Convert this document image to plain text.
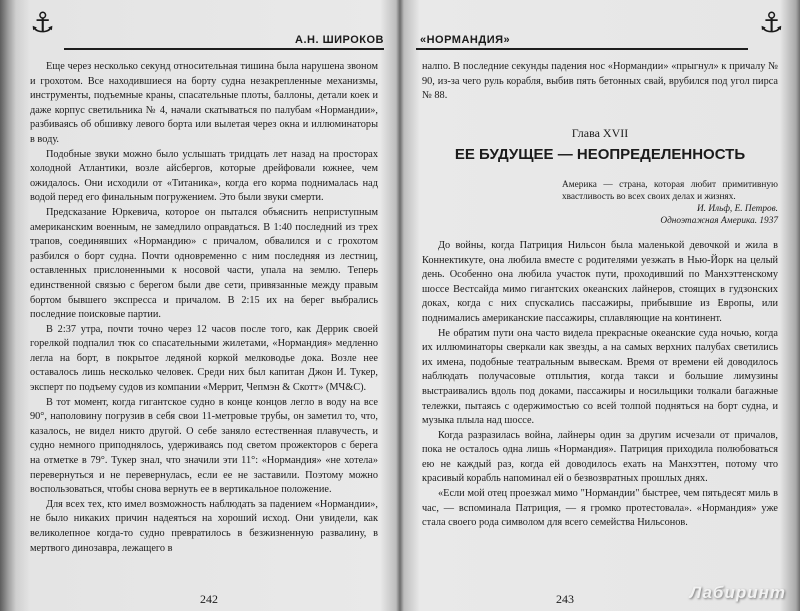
⚓
А.Н. ШИРОКОВ

Еще через несколько секунд относительная тишина была нарушена звоном и грохотом. Все находившиеся на борту судна незакрепленные механизмы, инструменты, подъемные краны, спасательные плоты, баллоны, детали коек и даже корпус светильника № 4, начали скатываться по палубам «Нормандии», разбиваясь об обшивку левого борта или вылетая через окна и иллюминаторы в воду.

Подобные звуки можно было услышать тридцать лет назад на просторах холодной Атлантики, возле айсбергов, которые дрейфовали южнее, чем ожидалось. Они исходили от «Титаника», когда его корма поднималась над водой перед его финальным погружением. Это были звуки смерти.

Предсказание Юркевича, которое он пытался объяснить неприступным американским военным, не замедлило оправдаться. В 1:40 последний из трех трапов, соединявших «Нормандию» с причалом, обвалился и с грохотом разбился о борт судна. Почти одновременно с ним последняя из лестниц, оставленных прислоненными к носовой части, упала на землю. Теперь единственной связью с берегом были две сети, привязанные между правым бортом бывшего экспресса и причалом. В 2:15 их на берег выбрались последние поисковые партии.

В 2:37 утра, почти точно через 12 часов после того, как Деррик своей горелкой подпалил тюк со спасательными жилетами, «Нормандия» медленно легла на борт, в покрытое ледяной коркой мелководье дока. Возле нее оставалось лишь несколько человек. Среди них был капитан Джон И. Тукер, эксперт по подъему судов из компании «Меррит, Чепмэн & Скотт» (МЧ&С).

В тот момент, когда гигантское судно в конце концов легло в воду на все 90°, наполовину погрузив в себя свои 11-метровые трубы, он заметил то, что, казалось, не видел никто другой. О себе заняло естественная плавучесть, и судно немного приподнялось, удерживаясь под светом прожекторов с берега на отметке в 79°. Тукер знал, что значили эти 11°: «Нормандия» «не хотела» перевернуться и не перевернулась, если ее не заставили. Поэтому можно воспользоваться, чтобы снова вернуть ее в вертикальное положение.

Для всех тех, кто имел возможность наблюдать за падением «Нормандии», не было никаких причин надеяться на хороший исход. Они увидели, как великолепное когда-то судно превратилось в безжизненную развалину, в мертвого динозавра, лежащего в

242
«НОРМАНДИЯ»
⚓

налпо. В последние секунды падения нос «Нормандии» «прыгнул» к причалу № 90, из-за чего руль корабля, выбив пять бетонных свай, врубился под угол пирса № 88.

Глава XVII

ЕЕ БУДУЩЕЕ — НЕОПРЕДЕЛЕННОСТЬ

Америка — страна, которая любит примитивную хвастливость во всех своих делах и жизнях.

И. Ильф, Е. Петров.

Одноэтажная Америка. 1937

До войны, когда Патриция Нильсон была маленькой девочкой и жила в Коннектикуте, она любила вместе с родителями уезжать в Нью-Йорк на целый день. Особенно она любила участок пути, проходивший по Манхэттенскому шоссе Вестсайда мимо гигантских океанских лайнеров, стоящих в гудзонских доках, когда с них спускались пассажиры, прибывшие из Европы, или поднимались американские пассажиры, сплавляющие на континент.

Не обратим пути она часто видела прекрасные океанские суда ночью, когда их иллюминаторы сверкали как звезды, а на самых верхних палубах светились их имена, подобные театральным вывескам. Время от времени ей доводилось наблюдать получасовые отплытия, когда такси и большие лимузины выстраивались вдоль под доками, пассажиры и носильщики толкали багажные тележки, пытаясь с одержимостью со всей толпой подняться на борт судна, и музыка плыла над шоссе.

Когда разразилась война, лайнеры один за другим исчезали от причалов, пока не осталось одна лишь «Нормандия». Патриция приходила полюбоваться ею не каждый раз, когда ей доводилось ехать на Манхэттен, потому что красивый корабль напоминал ей о безвозвратных прошлых днях.

«Если мой отец проезжал мимо "Нормандии" быстрее, чем пятьдесят миль в час, — вспоминала Патриция, — я громко протестовала». «Нормандия» уже стала своего рода символом для всего семейства Нильсонов.

243	Лабиринт
